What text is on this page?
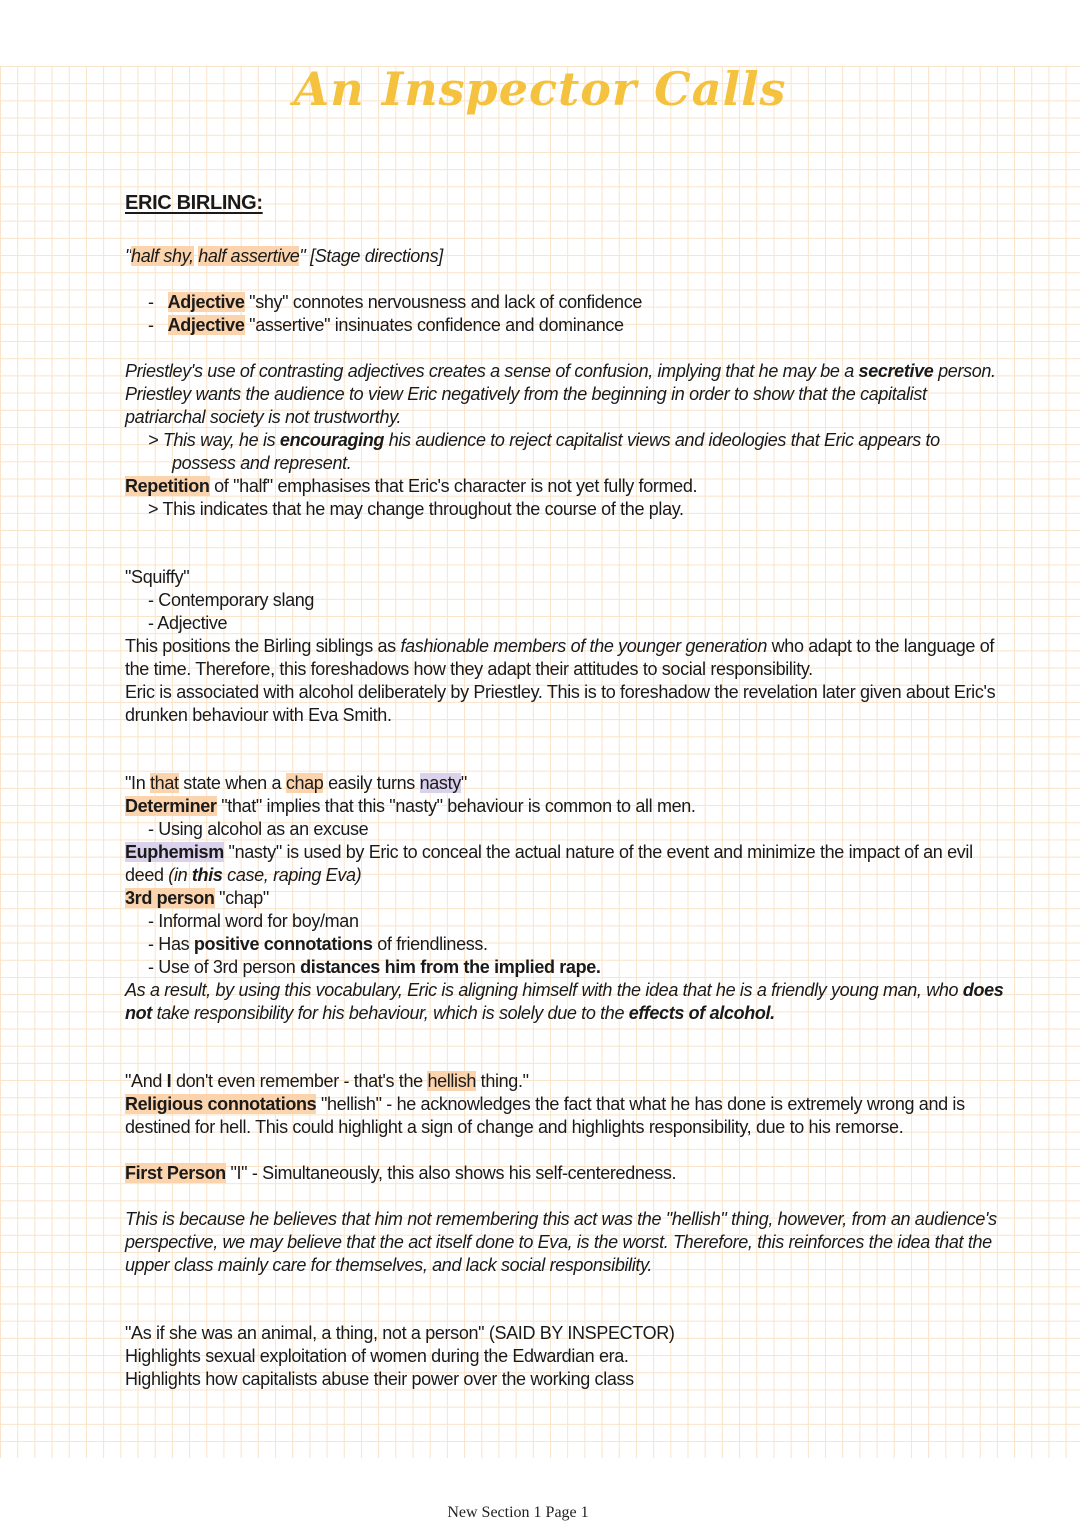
An Inspector Calls
ERIC BIRLING:
"half shy, half assertive" [Stage directions]
- Adjective "shy" connotes nervousness and lack of confidence
- Adjective "assertive" insinuates confidence and dominance
Priestley's use of contrasting adjectives creates a sense of confusion, implying that he may be a secretive person.
Priestley wants the audience to view Eric negatively from the beginning in order to show that the capitalist
patriarchal society is not trustworthy.
> This way, he is encouraging his audience to reject capitalist views and ideologies that Eric appears to
possess and represent.
Repetition of "half" emphasises that Eric's character is not yet fully formed.
> This indicates that he may change throughout the course of the play.
"Squiffy"
- Contemporary slang
- Adjective
This positions the Birling siblings as fashionable members of the younger generation who adapt to the language of
the time. Therefore, this foreshadows how they adapt their attitudes to social responsibility.
Eric is associated with alcohol deliberately by Priestley. This is to foreshadow the revelation later given about Eric's
drunken behaviour with Eva Smith.
"In that state when a chap easily turns nasty"
Determiner "that" implies that this "nasty" behaviour is common to all men.
- Using alcohol as an excuse
Euphemism "nasty" is used by Eric to conceal the actual nature of the event and minimize the impact of an evil
deed (in this case, raping Eva)
3rd person "chap"
- Informal word for boy/man
- Has positive connotations of friendliness.
- Use of 3rd person distances him from the implied rape.
As a result, by using this vocabulary, Eric is aligning himself with the idea that he is a friendly young man, who does
not take responsibility for his behaviour, which is solely due to the effects of alcohol.
"And I don't even remember - that's the hellish thing."
Religious connotations "hellish" - he acknowledges the fact that what he has done is extremely wrong and is
destined for hell. This could highlight a sign of change and highlights responsibility, due to his remorse.
First Person "I" - Simultaneously, this also shows his self-centeredness.
This is because he believes that him not remembering this act was the "hellish" thing, however, from an audience's
perspective, we may believe that the act itself done to Eva, is the worst. Therefore, this reinforces the idea that the
upper class mainly care for themselves, and lack social responsibility.
"As if she was an animal, a thing, not a person" (SAID BY INSPECTOR)
Highlights sexual exploitation of women during the Edwardian era.
Highlights how capitalists abuse their power over the working class
New Section 1 Page 1
